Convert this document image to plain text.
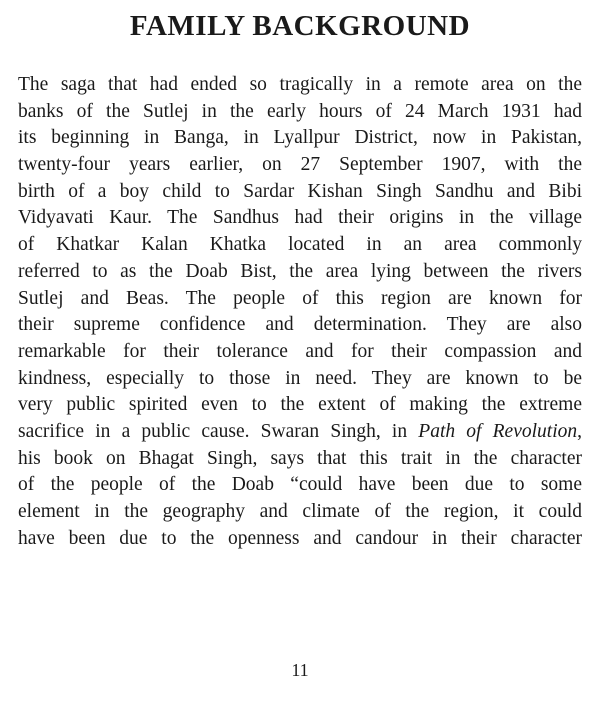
FAMILY BACKGROUND
The saga that had ended so tragically in a remote area on the
banks of the Sutlej in the early hours of 24 March 1931 had
its beginning in Banga, in Lyallpur District, now in Pakistan,
twenty-four years earlier, on 27 September 1907, with the
birth of a boy child to Sardar Kishan Singh Sandhu and Bibi
Vidyavati Kaur. The Sandhus had their origins in the village
of Khatkar Kalan Khatka located in an area commonly
referred to as the Doab Bist, the area lying between the rivers
Sutlej and Beas. The people of this region are known for
their supreme confidence and determination. They are also
remarkable for their tolerance and for their compassion and
kindness, especially to those in need. They are known to be
very public spirited even to the extent of making the extreme
sacrifice in a public cause. Swaran Singh, in Path of Revolution,
his book on Bhagat Singh, says that this trait in the character
of the people of the Doab “could have been due to some
element in the geography and climate of the region, it could
have been due to the openness and candour in their character
11
